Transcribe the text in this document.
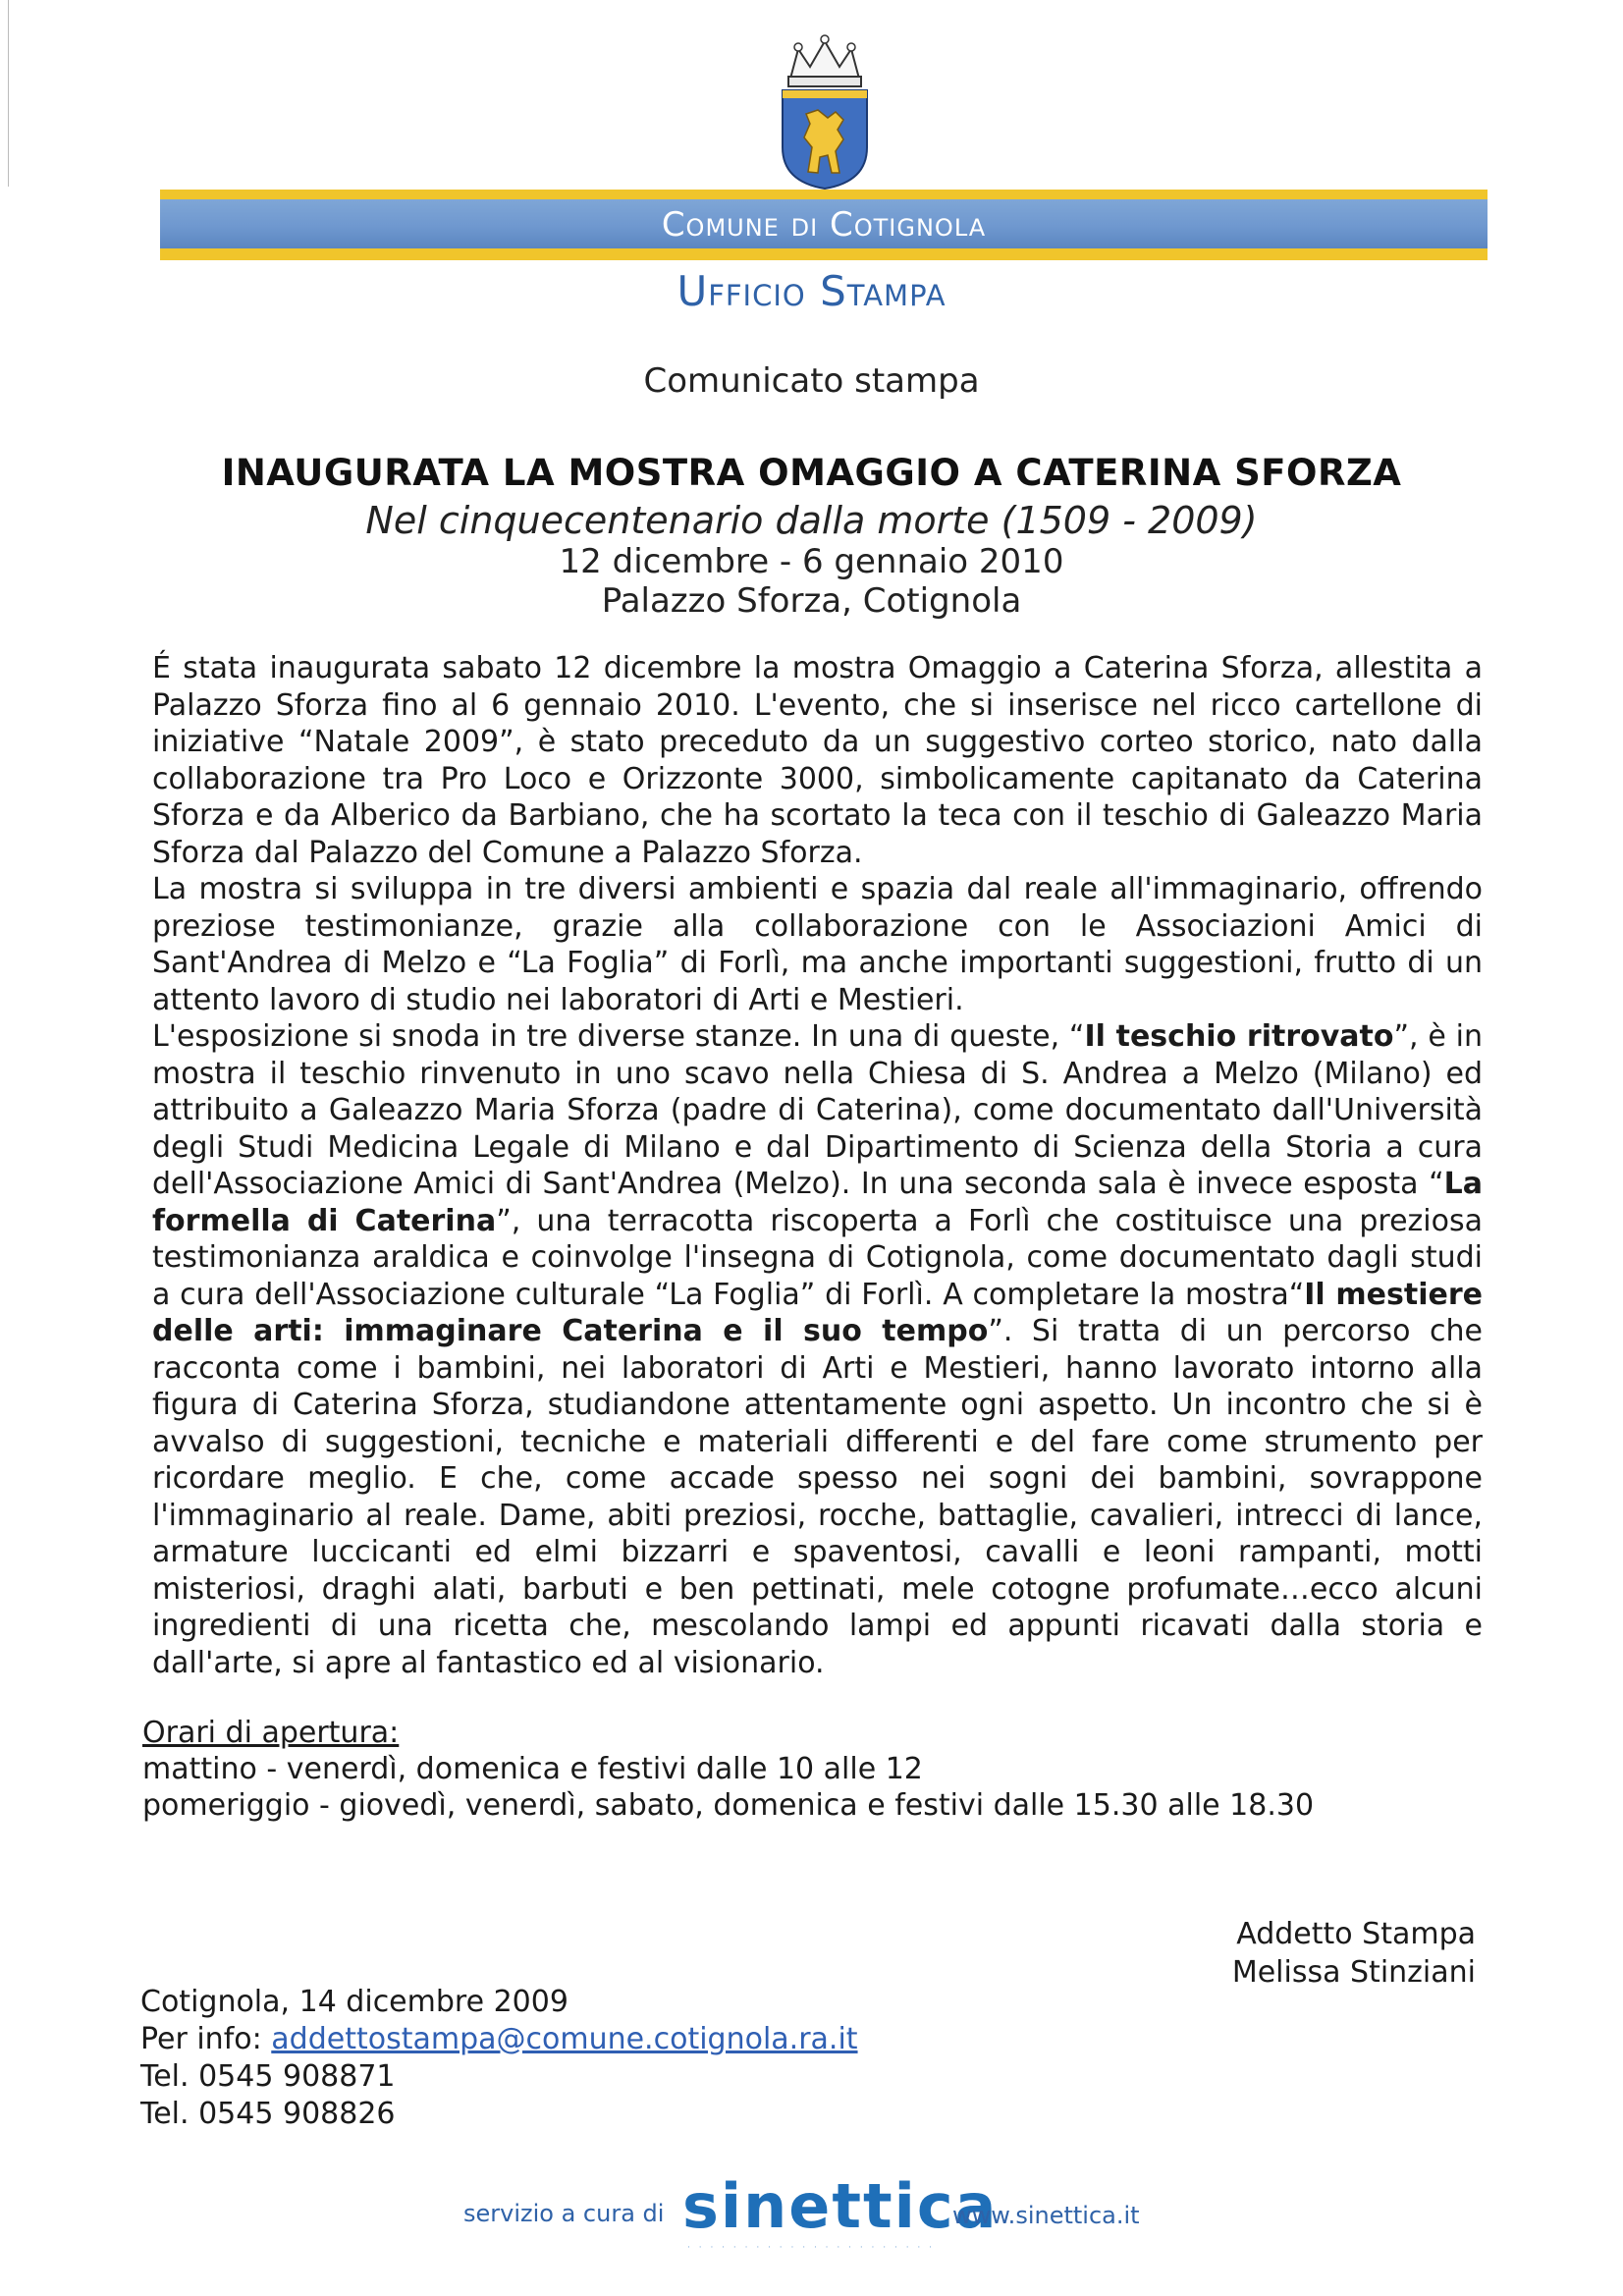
Comune di Cotignola
Ufficio Stampa
Comunicato stampa
INAUGURATA LA MOSTRA OMAGGIO A CATERINA SFORZA
Nel cinquecentenario dalla morte (1509 - 2009)
12 dicembre - 6 gennaio 2010
Palazzo Sforza, Cotignola

É stata inaugurata sabato 12 dicembre la mostra Omaggio a Caterina Sforza, allestita a Palazzo Sforza fino al 6 gennaio 2010. L'evento, che si inserisce nel ricco cartellone di iniziative “Natale 2009”, è stato preceduto da un suggestivo corteo storico, nato dalla collaborazione tra Pro Loco e Orizzonte 3000, simbolicamente capitanato da Caterina Sforza e da Alberico da Barbiano, che ha scortato la teca con il teschio di Galeazzo Maria Sforza dal Palazzo del Comune a Palazzo Sforza.

La mostra si sviluppa in tre diversi ambienti e spazia dal reale all'immaginario, offrendo preziose testimonianze, grazie alla collaborazione con le Associazioni Amici di Sant'Andrea di Melzo e “La Foglia” di Forlì, ma anche importanti suggestioni, frutto di un attento lavoro di studio nei laboratori di Arti e Mestieri.

L'esposizione si snoda in tre diverse stanze. In una di queste, “Il teschio ritrovato”, è in mostra il teschio rinvenuto in uno scavo nella Chiesa di S. Andrea a Melzo (Milano) ed attribuito a Galeazzo Maria Sforza (padre di Caterina), come documentato dall'Università degli Studi Medicina Legale di Milano e dal Dipartimento di Scienza della Storia a cura dell'Associazione Amici di Sant'Andrea (Melzo). In una seconda sala è invece esposta “La formella di Caterina”, una terracotta riscoperta a Forlì che costituisce una preziosa testimonianza araldica e coinvolge l'insegna di Cotignola, come documentato dagli studi a cura dell'Associazione culturale “La Foglia” di Forlì. A completare la mostra“Il mestiere delle arti: immaginare Caterina e il suo tempo”. Si tratta di un percorso che racconta come i bambini, nei laboratori di Arti e Mestieri, hanno lavorato intorno alla figura di Caterina Sforza, studiandone attentamente ogni aspetto. Un incontro che si è avvalso di suggestioni, tecniche e materiali differenti e del fare come strumento per ricordare meglio. E che, come accade spesso nei sogni dei bambini, sovrappone l'immaginario al reale. Dame, abiti preziosi, rocche, battaglie, cavalieri, intrecci di lance, armature luccicanti ed elmi bizzarri e spaventosi, cavalli e leoni rampanti, motti misteriosi, draghi alati, barbuti e ben pettinati, mele cotogne profumate…ecco alcuni ingredienti di una ricetta che, mescolando lampi ed appunti ricavati dalla storia e dall'arte, si apre al fantastico ed al visionario.

Orari di apertura:
mattino - venerdì, domenica e festivi dalle 10 alle 12
pomeriggio - giovedì, venerdì, sabato, domenica e festivi dalle 15.30 alle 18.30
Addetto Stampa
Melissa Stinziani
Cotignola, 14 dicembre 2009
Per info: addettostampa@comune.cotignola.ra.it
Tel. 0545 908871
Tel. 0545 908826
servizio a cura di sinettica
· · · · · · · · · · · · · · · · · · · · · ·
www.sinettica.it
